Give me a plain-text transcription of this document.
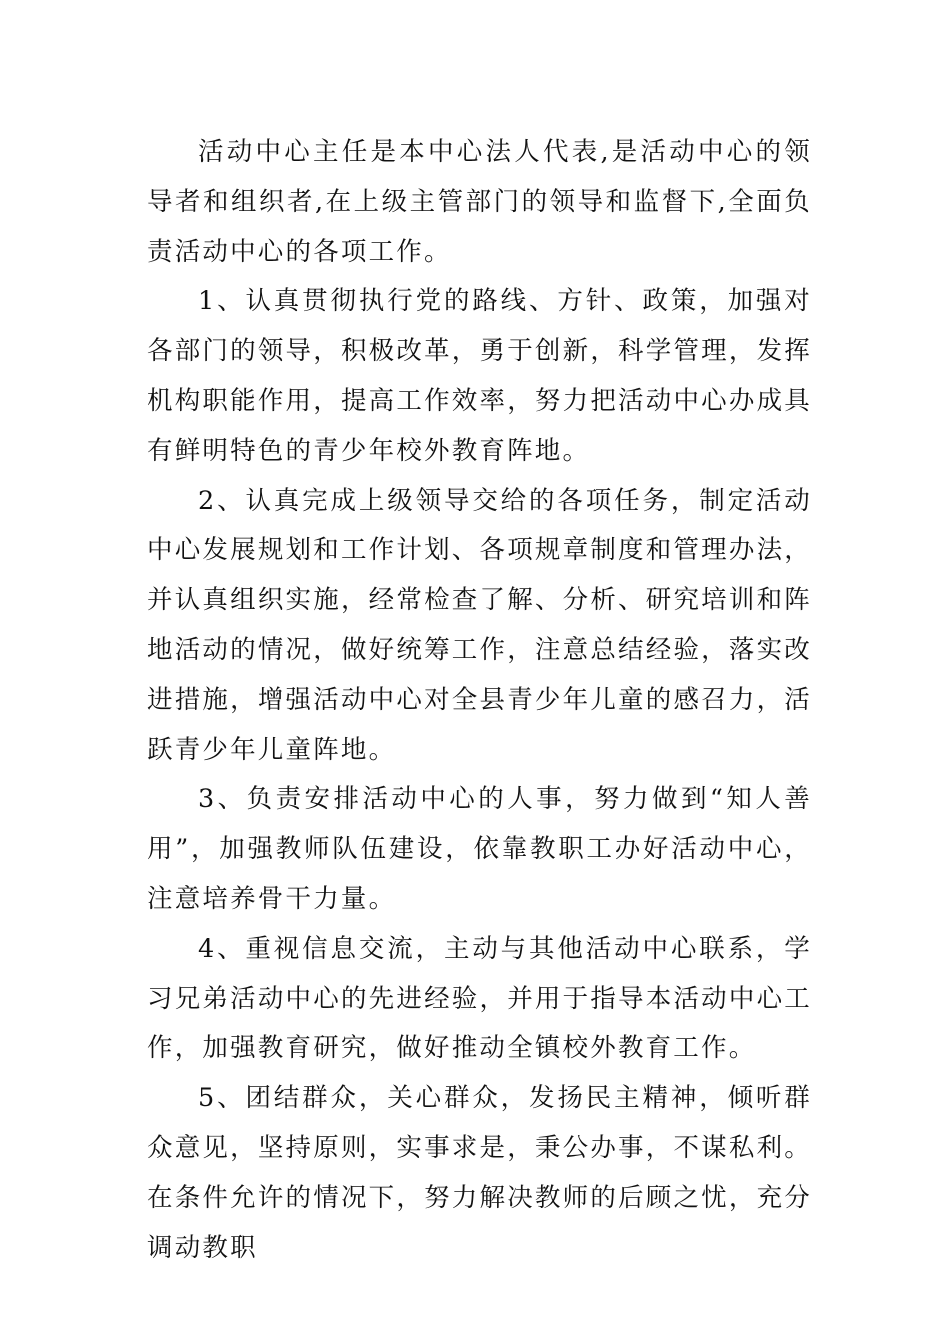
活动中心主任是本中心法人代表,是活动中心的领导者和组织者,在上级主管部门的领导和监督下,全面负责活动中心的各项工作。

1、认真贯彻执行党的路线、方针、政策，加强对各部门的领导，积极改革，勇于创新，科学管理，发挥机构职能作用，提高工作效率，努力把活动中心办成具有鲜明特色的青少年校外教育阵地。

2、认真完成上级领导交给的各项任务，制定活动中心发展规划和工作计划、各项规章制度和管理办法，并认真组织实施，经常检查了解、分析、研究培训和阵地活动的情况，做好统筹工作，注意总结经验，落实改进措施，增强活动中心对全县青少年儿童的感召力，活跃青少年儿童阵地。

3、负责安排活动中心的人事，努力做到“知人善用”，加强教师队伍建设，依靠教职工办好活动中心，注意培养骨干力量。

4、重视信息交流，主动与其他活动中心联系，学习兄弟活动中心的先进经验，并用于指导本活动中心工作，加强教育研究，做好推动全镇校外教育工作。

5、团结群众，关心群众，发扬民主精神，倾听群众意见，坚持原则，实事求是，秉公办事，不谋私利。在条件允许的情况下，努力解决教师的后顾之忧，充分调动教职
